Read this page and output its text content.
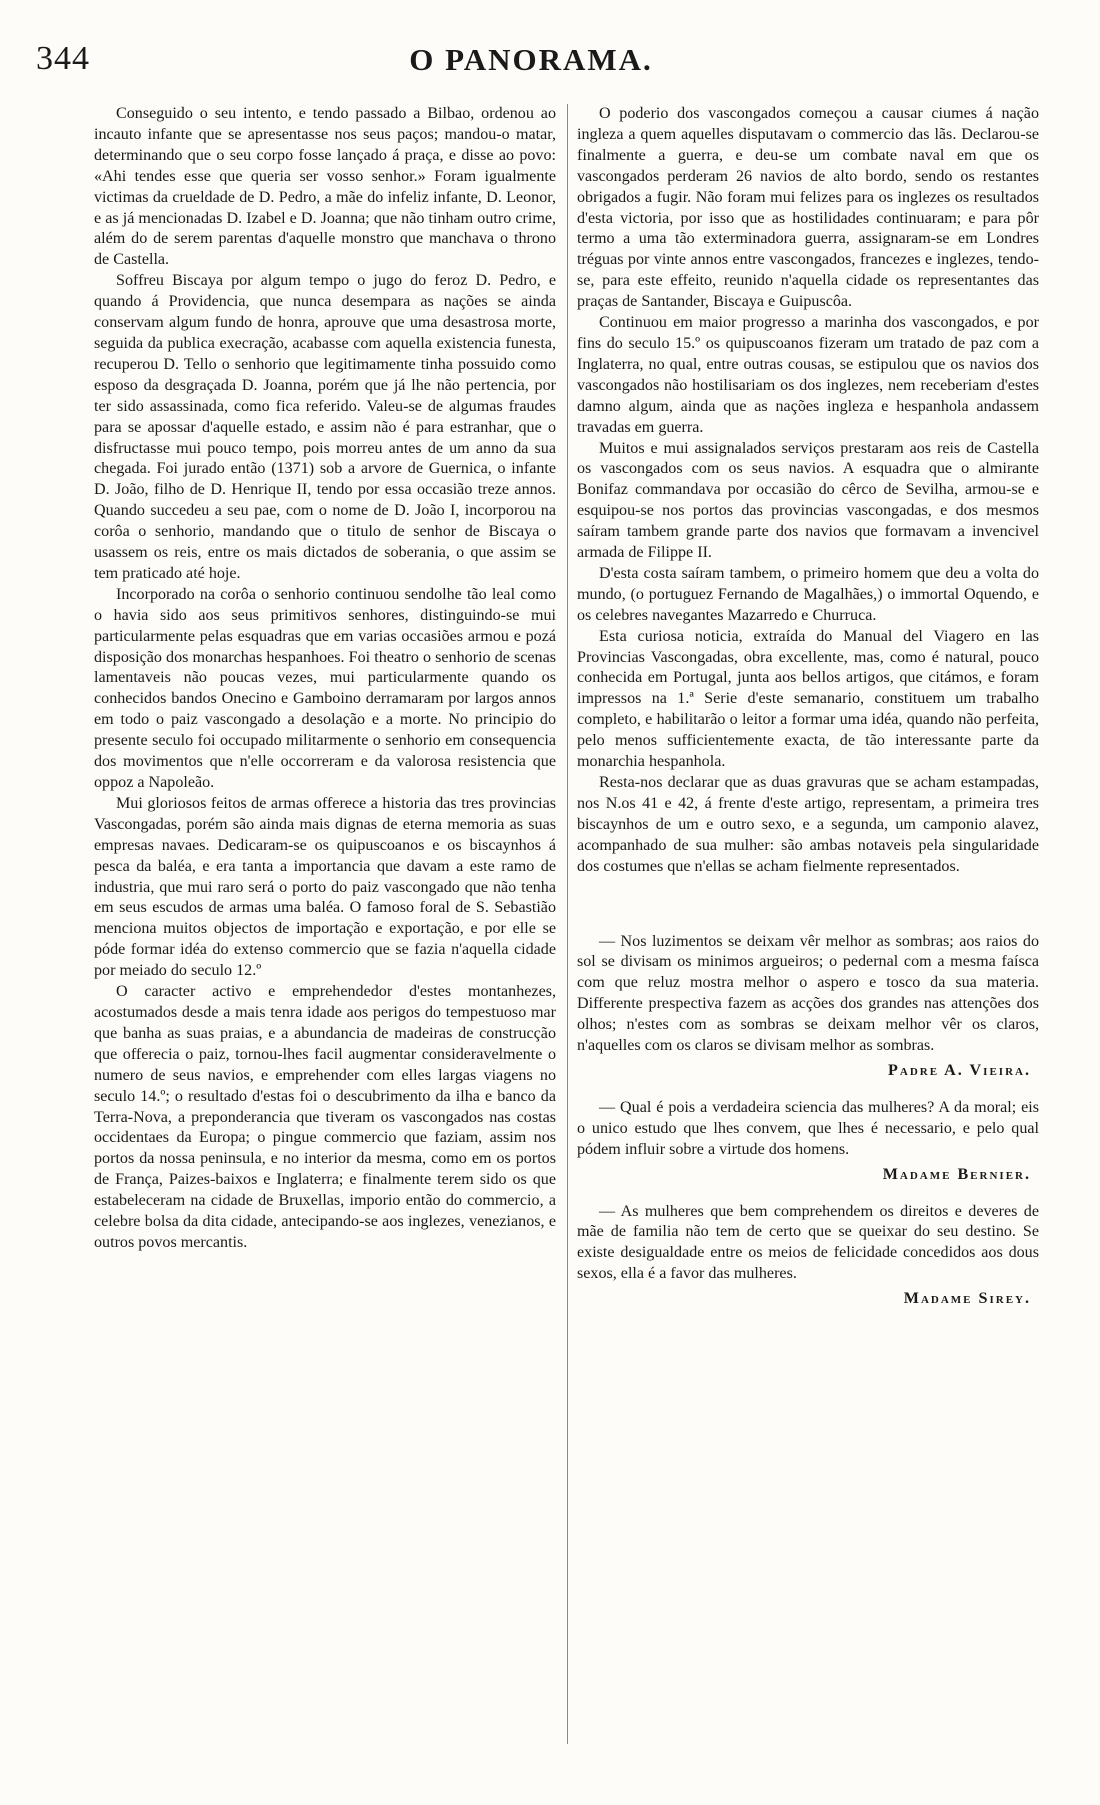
344	O PANORAMA.

Conseguido o seu intento, e tendo passado a Bilbao, ordenou ao incauto infante que se apresentasse nos seus paços; mandou-o matar, determinando que o seu corpo fosse lançado á praça, e disse ao povo: «Ahi tendes esse que queria ser vosso senhor.» Foram igualmente victimas da crueldade de D. Pedro, a mãe do infeliz infante, D. Leonor, e as já mencionadas D. Izabel e D. Joanna; que não tinham outro crime, além do de serem parentas d'aquelle monstro que manchava o throno de Castella.

Soffreu Biscaya por algum tempo o jugo do feroz D. Pedro, e quando á Providencia, que nunca desempara as nações se ainda conservam algum fundo de honra, aprouve que uma desastrosa morte, seguida da publica execração, acabasse com aquella existencia funesta, recuperou D. Tello o senhorio que legitimamente tinha possuido como esposo da desgraçada D. Joanna, porém que já lhe não pertencia, por ter sido assassinada, como fica referido. Valeu-se de algumas fraudes para se apossar d'aquelle estado, e assim não é para estranhar, que o disfructasse mui pouco tempo, pois morreu antes de um anno da sua chegada. Foi jurado então (1371) sob a arvore de Guernica, o infante D. João, filho de D. Henrique II, tendo por essa occasião treze annos. Quando succedeu a seu pae, com o nome de D. João I, incorporou na corôa o senhorio, mandando que o titulo de senhor de Biscaya o usassem os reis, entre os mais dictados de soberania, o que assim se tem praticado até hoje.

Incorporado na corôa o senhorio continuou sendolhe tão leal como o havia sido aos seus primitivos senhores, distinguindo-se mui particularmente pelas esquadras que em varias occasiões armou e pozá disposição dos monarchas hespanhoes. Foi theatro o senhorio de scenas lamentaveis não poucas vezes, mui particularmente quando os conhecidos bandos Onecino e Gamboino derramaram por largos annos em todo o paiz vascongado a desolação e a morte. No principio do presente seculo foi occupado militarmente o senhorio em consequencia dos movimentos que n'elle occorreram e da valorosa resistencia que oppoz a Napoleão.

Mui gloriosos feitos de armas offerece a historia das tres provincias Vascongadas, porém são ainda mais dignas de eterna memoria as suas empresas navaes. Dedicaram-se os quipuscoanos e os biscaynhos á pesca da baléa, e era tanta a importancia que davam a este ramo de industria, que mui raro será o porto do paiz vascongado que não tenha em seus escudos de armas uma baléa. O famoso foral de S. Sebastião menciona muitos objectos de importação e exportação, e por elle se póde formar idéa do extenso commercio que se fazia n'aquella cidade por meiado do seculo 12.º

O caracter activo e emprehendedor d'estes montanhezes, acostumados desde a mais tenra idade aos perigos do tempestuoso mar que banha as suas praias, e a abundancia de madeiras de construcção que offerecia o paiz, tornou-lhes facil augmentar consideravelmente o numero de seus navios, e emprehender com elles largas viagens no seculo 14.º; o resultado d'estas foi o descubrimento da ilha e banco da Terra-Nova, a preponderancia que tiveram os vascongados nas costas occidentaes da Europa; o pingue commercio que faziam, assim nos portos da nossa peninsula, e no interior da mesma, como em os portos de França, Paizes-baixos e Inglaterra; e finalmente terem sido os que estabeleceram na cidade de Bruxellas, imporio então do commercio, a celebre bolsa da dita cidade, antecipando-se aos inglezes, venezianos, e outros povos mercantis.

O poderio dos vascongados começou a causar ciumes á nação ingleza a quem aquelles disputavam o commercio das lãs. Declarou-se finalmente a guerra, e deu-se um combate naval em que os vascongados perderam 26 navios de alto bordo, sendo os restantes obrigados a fugir. Não foram mui felizes para os inglezes os resultados d'esta victoria, por isso que as hostilidades continuaram; e para pôr termo a uma tão exterminadora guerra, assignaram-se em Londres tréguas por vinte annos entre vascongados, francezes e inglezes, tendo-se, para este effeito, reunido n'aquella cidade os representantes das praças de Santander, Biscaya e Guipuscôa.

Continuou em maior progresso a marinha dos vascongados, e por fins do seculo 15.º os quipuscoanos fizeram um tratado de paz com a Inglaterra, no qual, entre outras cousas, se estipulou que os navios dos vascongados não hostilisariam os dos inglezes, nem receberiam d'estes damno algum, ainda que as nações ingleza e hespanhola andassem travadas em guerra.

Muitos e mui assignalados serviços prestaram aos reis de Castella os vascongados com os seus navios. A esquadra que o almirante Bonifaz commandava por occasião do cêrco de Sevilha, armou-se e esquipou-se nos portos das provincias vascongadas, e dos mesmos saíram tambem grande parte dos navios que formavam a invencivel armada de Filippe II.

D'esta costa saíram tambem, o primeiro homem que deu a volta do mundo, (o portuguez Fernando de Magalhães,) o immortal Oquendo, e os celebres navegantes Mazarredo e Churruca.

Esta curiosa noticia, extraída do Manual del Viagero en las Provincias Vascongadas, obra excellente, mas, como é natural, pouco conhecida em Portugal, junta aos bellos artigos, que citámos, e foram impressos na 1.ª Serie d'este semanario, constituem um trabalho completo, e habilitarão o leitor a formar uma idéa, quando não perfeita, pelo menos sufficientemente exacta, de tão interessante parte da monarchia hespanhola.

Resta-nos declarar que as duas gravuras que se acham estampadas, nos N.os 41 e 42, á frente d'este artigo, representam, a primeira tres biscaynhos de um e outro sexo, e a segunda, um camponio alavez, acompanhado de sua mulher: são ambas notaveis pela singularidade dos costumes que n'ellas se acham fielmente representados.

— Nos luzimentos se deixam vêr melhor as sombras; aos raios do sol se divisam os minimos argueiros; o pedernal com a mesma faísca com que reluz mostra melhor o aspero e tosco da sua materia. Differente prespectiva fazem as acções dos grandes nas attenções dos olhos; n'estes com as sombras se deixam melhor vêr os claros, n'aquelles com os claros se divisam melhor as sombras.

Padre A. Vieira.

— Qual é pois a verdadeira sciencia das mulheres? A da moral; eis o unico estudo que lhes convem, que lhes é necessario, e pelo qual pódem influir sobre a virtude dos homens.

Madame Bernier.

— As mulheres que bem comprehendem os direitos e deveres de mãe de familia não tem de certo que se queixar do seu destino. Se existe desigualdade entre os meios de felicidade concedidos aos dous sexos, ella é a favor das mulheres.

Madame Sirey.
